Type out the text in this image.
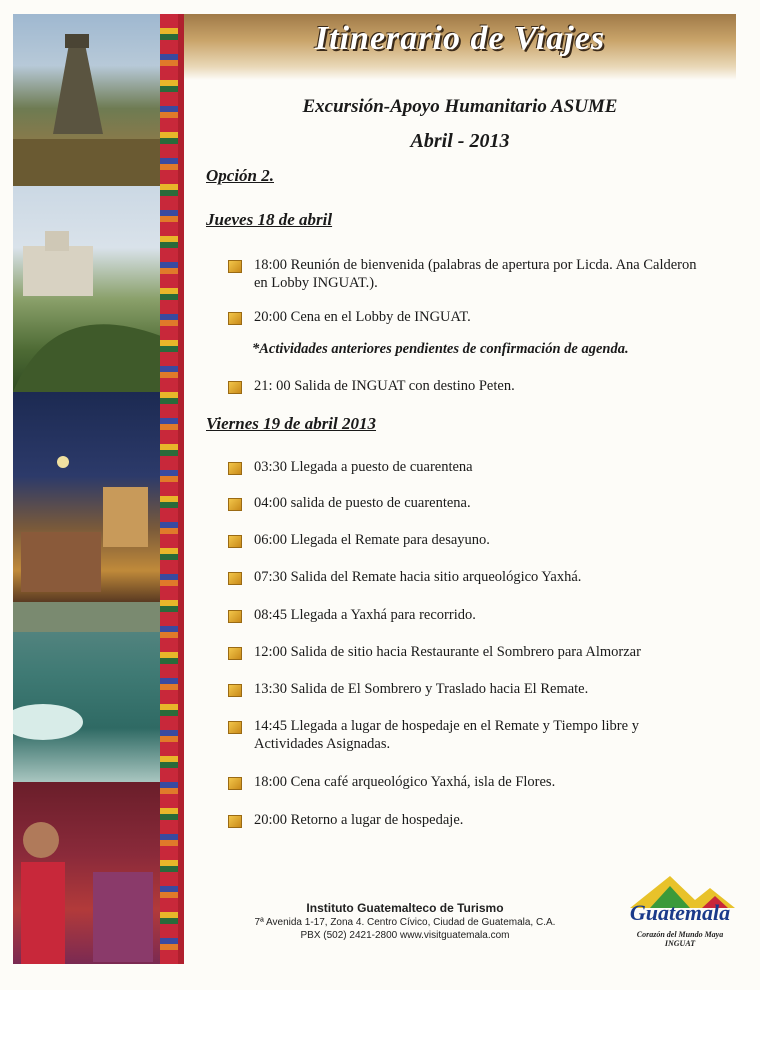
Itinerario de Viajes
Excursión-Apoyo Humanitario ASUME
Abril - 2013
Opción 2.
Jueves 18 de abril
18:00 Reunión de bienvenida (palabras de apertura por Licda. Ana Calderon en Lobby INGUAT.).
20:00 Cena en el Lobby de INGUAT.
*Actividades anteriores pendientes de confirmación de agenda.
21: 00 Salida de INGUAT con destino Peten.
Viernes 19 de abril 2013
03:30 Llegada a puesto de cuarentena
04:00 salida de puesto de cuarentena.
06:00 Llegada el Remate para desayuno.
07:30 Salida del Remate hacia sitio arqueológico Yaxhá.
08:45 Llegada a Yaxhá para recorrido.
12:00 Salida de sitio hacia Restaurante el Sombrero para Almorzar
13:30 Salida de El Sombrero y Traslado hacia El Remate.
14:45 Llegada a lugar de hospedaje en el Remate y Tiempo libre y Actividades Asignadas.
18:00 Cena café arqueológico Yaxhá, isla de Flores.
20:00 Retorno a lugar de hospedaje.
Instituto Guatemalteco de Turismo
7ª Avenida 1-17, Zona 4. Centro Cívico, Ciudad de Guatemala, C.A.
PBX (502) 2421-2800 www.visitguatemala.com
Guatemala
Corazón del Mundo Maya
INGUAT
